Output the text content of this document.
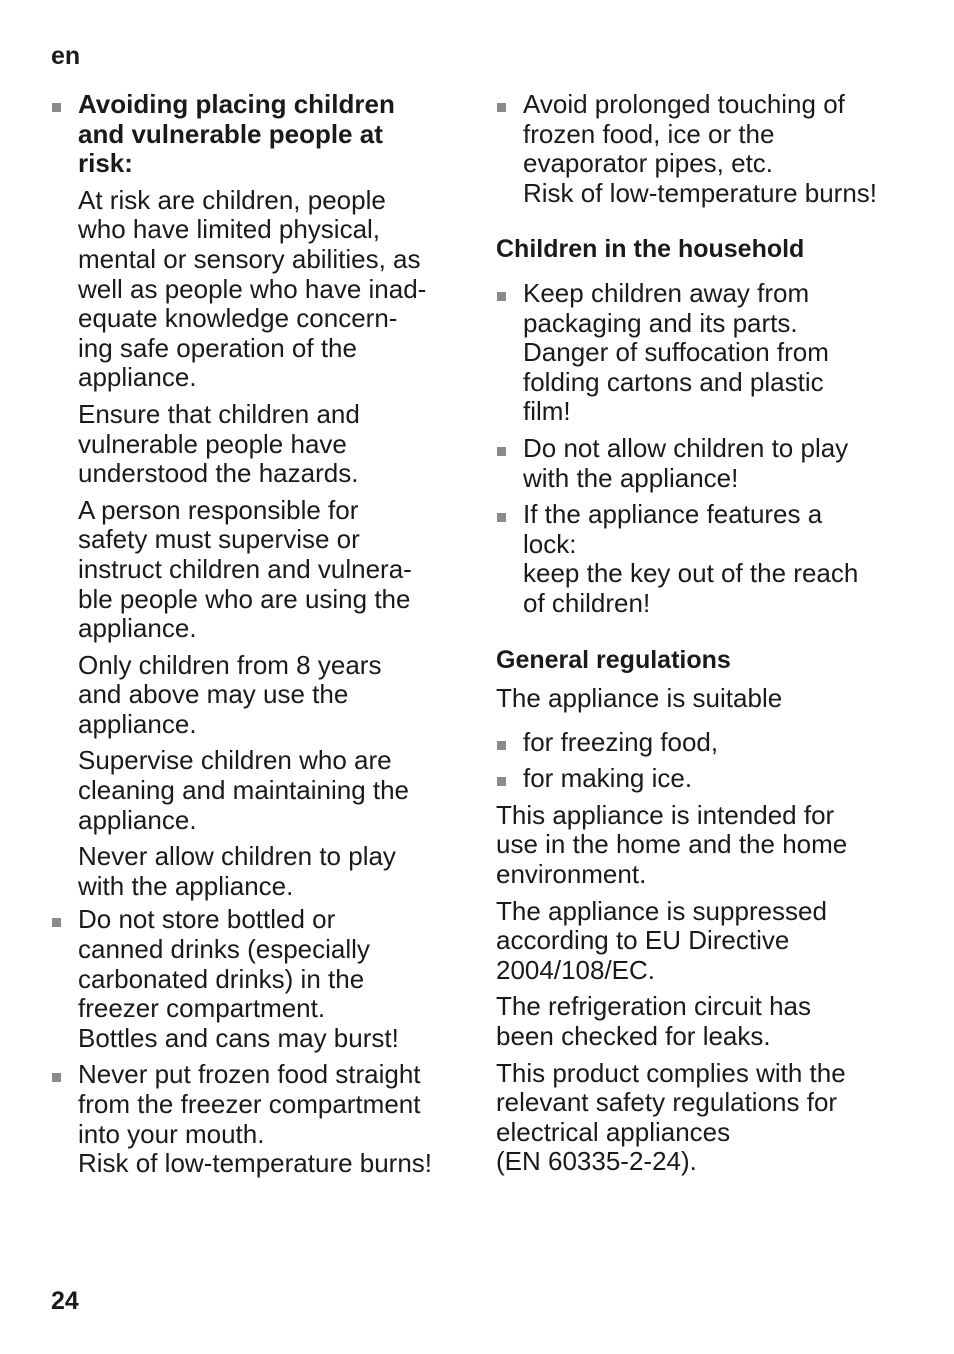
en
Avoiding placing children
and vulnerable people at
risk:
At risk are children, people
who have limited physical,
mental or sensory abilities, as
well as people who have inad-
equate knowledge concern-
ing safe operation of the
appliance.
Ensure that children and
vulnerable people have
understood the hazards.
A person responsible for
safety must supervise or
instruct children and vulnera-
ble people who are using the
appliance.
Only children from 8 years
and above may use the
appliance.
Supervise children who are
cleaning and maintaining the
appliance.
Never allow children to play
with the appliance.
Do not store bottled or
canned drinks (especially
carbonated drinks) in the
freezer compartment.
Bottles and cans may burst!
Never put frozen food straight
from the freezer compartment
into your mouth.
Risk of low-temperature burns!
Avoid prolonged touching of
frozen food, ice or the
evaporator pipes, etc.
Risk of low-temperature burns!
Children in the household
Keep children away from
packaging and its parts.
Danger of suffocation from
folding cartons and plastic
film!
Do not allow children to play
with the appliance!
If the appliance features a
lock:
keep the key out of the reach
of children!
General regulations
The appliance is suitable
for freezing food,
for making ice.
This appliance is intended for
use in the home and the home
environment.
The appliance is suppressed
according to EU Directive
2004/108/EC.
The refrigeration circuit has
been checked for leaks.
This product complies with the
relevant safety regulations for
electrical appliances
(EN 60335-2-24).
24
